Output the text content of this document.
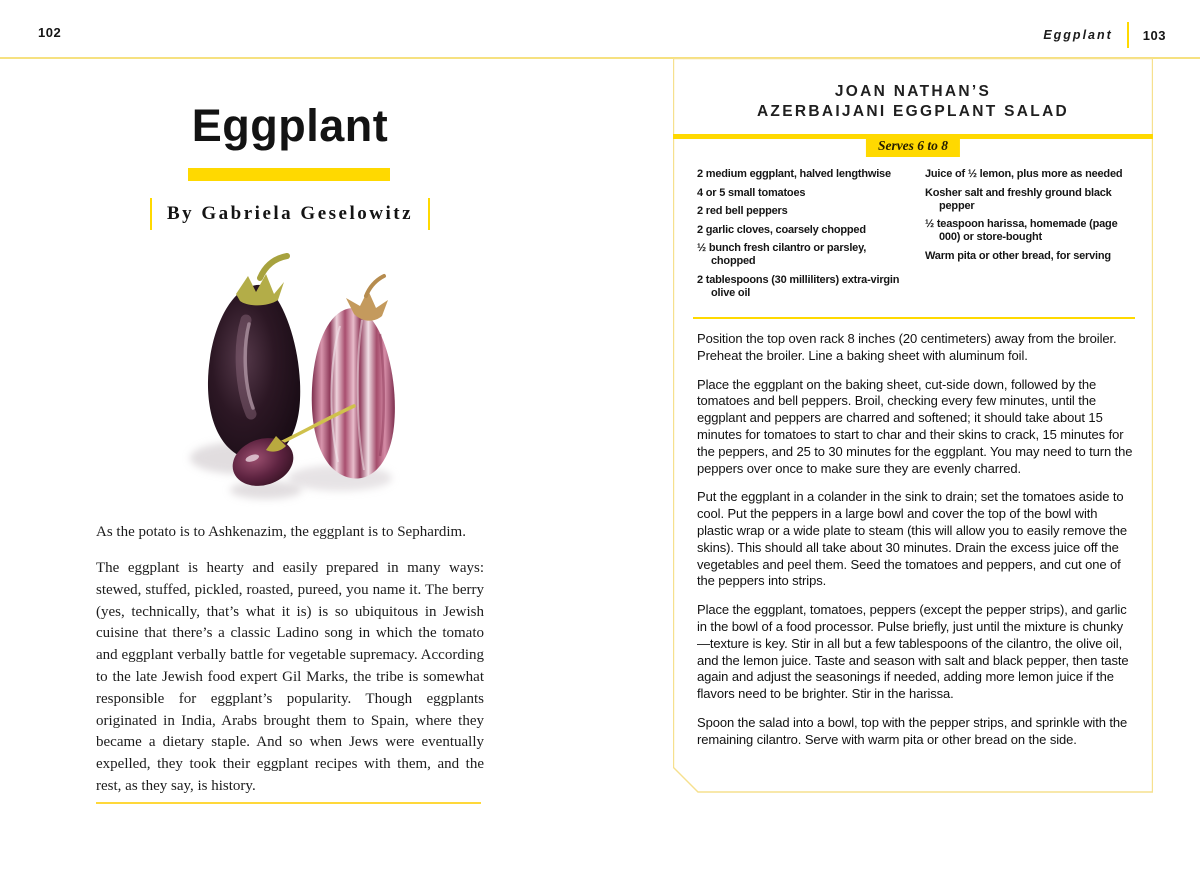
102	Eggplant 103
Eggplant
By Gabriela Geselowitz

As the potato is to Ashkenazim, the eggplant is to Sephardim.

The eggplant is hearty and easily prepared in many ways: stewed, stuffed, pickled, roasted, pureed, you name it. The berry (yes, technically, that’s what it is) is so ubiquitous in Jewish cuisine that there’s a classic Ladino song in which the tomato and eggplant verbally battle for vegetable supremacy. According to the late Jewish food expert Gil Marks, the tribe is somewhat responsible for eggplant’s popularity. Though eggplants originated in India, Arabs brought them to Spain, where they became a dietary staple. And so when Jews were eventually expelled, they took their eggplant recipes with them, and the rest, as they say, is history.

JOAN NATHAN’S
AZERBAIJANI EGGPLANT SALAD
Serves 6 to 8
2 medium eggplant, halved lengthwise
4 or 5 small tomatoes
2 red bell peppers
2 garlic cloves, coarsely chopped
½ bunch fresh cilantro or parsley, chopped
2 tablespoons (30 milliliters) extra-virgin olive oil
Juice of ½ lemon, plus more as needed
Kosher salt and freshly ground black pepper
½ teaspoon harissa, homemade (page 000) or store-bought
Warm pita or other bread, for serving
Position the top oven rack 8 inches (20 centimeters) away from the broiler. Preheat the broiler. Line a baking sheet with aluminum foil.
Place the eggplant on the baking sheet, cut-side down, followed by the tomatoes and bell peppers. Broil, checking every few minutes, until the eggplant and peppers are charred and softened; it should take about 15 minutes for tomatoes to start to char and their skins to crack, 15 minutes for the peppers, and 25 to 30 minutes for the eggplant. You may need to turn the peppers over once to make sure they are evenly charred.
Put the eggplant in a colander in the sink to drain; set the tomatoes aside to cool. Put the peppers in a large bowl and cover the top of the bowl with plastic wrap or a wide plate to steam (this will allow you to easily remove the skins). This should all take about 30 minutes. Drain the excess juice off the vegetables and peel them. Seed the tomatoes and peppers, and cut one of the peppers into strips.
Place the eggplant, tomatoes, peppers (except the pepper strips), and garlic in the bowl of a food processor. Pulse briefly, just until the mixture is chunky—texture is key. Stir in all but a few tablespoons of the cilantro, the olive oil, and the lemon juice. Taste and season with salt and black pepper, then taste again and adjust the seasonings if needed, adding more lemon juice if the flavors need to be brighter. Stir in the harissa.
Spoon the salad into a bowl, top with the pepper strips, and sprinkle with the remaining cilantro. Serve with warm pita or other bread on the side.
